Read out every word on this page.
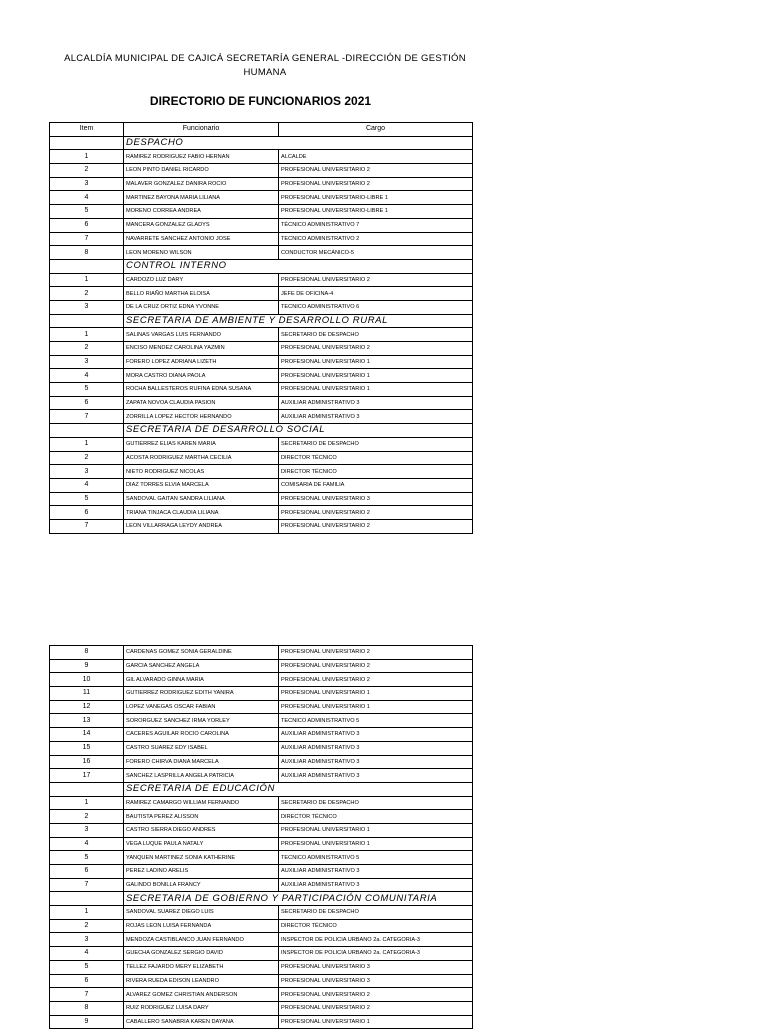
ALCALDÍA MUNICIPAL DE CAJICÁ SECRETARÍA GENERAL -DIRECCIÓN DE GESTIÓN HUMANA
DIRECTORIO DE FUNCIONARIOS 2021
Item	Funcionario	Cargo
	DESPACHO	
1	RAMIREZ RODRIGUEZ FABIO HERNAN	ALCALDE
2	LEON PINTO DANIEL RICARDO	PROFESIONAL UNIVERSITARIO 2
3	MALAVER GONZALEZ DANIRA ROCIO	PROFESIONAL UNIVERSITARIO 2
4	MARTINEZ BAYONA MARIA LILIANA	PROFESIONAL UNIVERSITARIO-LIBRE 1
5	MORENO CORREA ANDREA	PROFESIONAL UNIVERSITARIO-LIBRE 1
6	MANCERA GONZALEZ GLADYS	TÉCNICO ADMINISTRATIVO 7
7	NAVARRETE SANCHEZ ANTONIO JOSE	TECNICO ADMINISTRATIVO 2
8	LEON MORENO WILSON	CONDUCTOR MECÁNICO-5
	CONTROL INTERNO	
1	CARDOZO LUZ DARY	PROFESIONAL UNIVERSITARIO 2
2	BELLO RIAÑO MARTHA ELOISA	JEFE DE OFICINA-4
3	DE LA CRUZ ORTIZ EDNA YVONNE	TECNICO ADMINISTRATIVO 6
	SECRETARIA DE AMBIENTE Y DESARROLLO RURAL	
1	SALINAS VARGAS LUIS FERNANDO	SECRETARIO DE DESPACHO
2	ENCISO MENDEZ CAROLINA YAZMIN	PROFESIONAL UNIVERSITARIO 2
3	FORERO LOPEZ ADRIANA LIZETH	PROFESIONAL UNIVERSITARIO 1
4	MORA CASTRO DIANA PAOLA	PROFESIONAL UNIVERSITARIO 1
5	ROCHA BALLESTEROS RUFINA EDNA SUSANA	PROFESIONAL UNIVERSITARIO 1
6	ZAPATA NOVOA CLAUDIA PASION	AUXILIAR ADMINISTRATIVO 3
7	ZORRILLA LOPEZ HECTOR HERNANDO	AUXILIAR ADMINISTRATIVO 3
	SECRETARIA DE DESARROLLO SOCIAL	
1	GUTIERREZ ELIAS KAREN MARIA	SECRETARIO DE DESPACHO
2	ACOSTA RODRIGUEZ MARTHA CECILIA	DIRECTOR TÉCNICO
3	NIETO RODRIGUEZ NICOLAS	DIRECTOR TÉCNICO
4	DIAZ TORRES ELVIA MARCELA	COMISARIA DE FAMILIA
5	SANDOVAL GAITAN SANDRA LILIANA	PROFESIONAL UNIVERSITARIO 3
6	TRIANA TINJACA CLAUDIA LILIANA	PROFESIONAL UNIVERSITARIO 2
7	LEON VILLARRAGA LEYDY ANDREA	PROFESIONAL UNIVERSITARIO 2
8	CARDENAS GOMEZ SONIA GERALDINE	PROFESIONAL UNIVERSITARIO 2
9	GARCIA SANCHEZ ANGELA	PROFESIONAL UNIVERSITARIO 2
10	GIL ALVARADO GINNA MARIA	PROFESIONAL UNIVERSITARIO 2
11	GUTIERREZ RODRIGUEZ EDITH YANIRA	PROFESIONAL UNIVERSITARIO 1
12	LOPEZ VANEGAS OSCAR FABIAN	PROFESIONAL UNIVERSITARIO 1
13	SORORGUEZ SANCHEZ IRMA YORLEY	TECNICO ADMINISTRATIVO 5
14	CACERES AGUILAR ROCIO CAROLINA	AUXILIAR ADMINISTRATIVO 3
15	CASTRO SUAREZ EDY ISABEL	AUXILIAR ADMINISTRATIVO 3
16	FORERO CHIRVA DIANA MARCELA	AUXILIAR ADMINISTRATIVO 3
17	SANCHEZ LASPRILLA ANGELA PATRICIA	AUXILIAR ADMINISTRATIVO 3
	SECRETARIA DE EDUCACIÓN	
1	RAMIREZ CAMARGO WILLIAM FERNANDO	SECRETARIO DE DESPACHO
2	BAUTISTA PEREZ ALISSON	DIRECTOR TÉCNICO
3	CASTRO SIERRA DIEGO ANDRES	PROFESIONAL UNIVERSITARIO 1
4	VEGA LUQUE PAULA NATALY	PROFESIONAL UNIVERSITARIO 1
5	YANQUEN MARTINEZ SONIA KATHERINE	TECNICO ADMINISTRATIVO 5
6	PEREZ LADINO ARELIS	AUXILIAR ADMINISTRATIVO 3
7	GALINDO BONILLA FRANCY	AUXILIAR ADMINISTRATIVO 3
	SECRETARIA DE GOBIERNO Y PARTICIPACIÓN COMUNITARIA	
1	SANDOVAL SUAREZ DIEGO LUIS	SECRETARIO DE DESPACHO
2	ROJAS LEON LUISA FERNANDA	DIRECTOR TÉCNICO
3	MENDOZA CASTIBLANCO JUAN FERNANDO	INSPECTOR DE POLICIA URBANO 2a. CATEGORIA-3
4	GUECHA GONZALEZ SERGIO DAVID	INSPECTOR DE POLICIA URBANO 2a. CATEGORIA-3
5	TELLEZ FAJARDO MERY ELIZABETH	PROFESIONAL UNIVERSITARIO 3
6	RIVERA RUEDA EDISON LEANDRO	PROFESIONAL UNIVERSITARIO 3
7	ALVAREZ GOMEZ CHRISTIAN ANDERSON	PROFESIONAL UNIVERSITARIO 2
8	RUIZ RODRIGUEZ LUISA DARY	PROFESIONAL UNIVERSITARIO 2
9	CABALLERO SANABRIA KAREN DAYANA	PROFESIONAL UNIVERSITARIO 1
